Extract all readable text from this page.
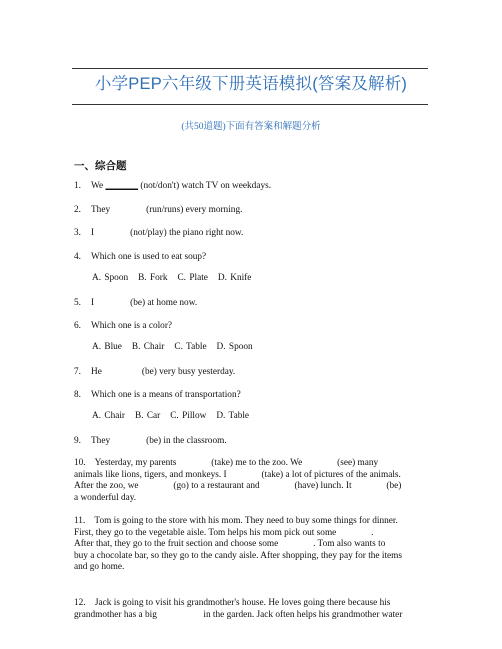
小学PEP六年级下册英语模拟(答案及解析)
(共50道题)下面有答案和解题分析
一、综合题
1. We _______ (not/don't) watch TV on weekdays.
2. They	(run/runs) every morning.
3. I	(not/play) the piano right now.
4. Which one is used to eat soup?
A. Spoon   B. Fork   C. Plate   D. Knife
5. I	(be) at home now.
6. Which one is a color?
A. Blue   B. Chair   C. Table   D. Spoon
7. He	(be) very busy yesterday.
8. Which one is a means of transportation?
A. Chair   B. Car   C. Pillow   D. Table
9. They	(be) in the classroom.
10. Yesterday, my parents               (take) me to the zoo. We               (see) many
animals like lions, tigers, and monkeys. I               (take) a lot of pictures of the animals.
After the zoo, we               (go) to a restaurant and               (have) lunch. It               (be)
a wonderful day.
11. Tom is going to the store with his mom. They need to buy some things for dinner.
First, they go to the vegetable aisle. Tom helps his mom pick out some               .
After that, they go to the fruit section and choose some               . Tom also wants to
buy a chocolate bar, so they go to the candy aisle. After shopping, they pay for the items
and go home.
12. Jack is going to visit his grandmother's house. He loves going there because his
grandmother has a big                    in the garden. Jack often helps his grandmother water
